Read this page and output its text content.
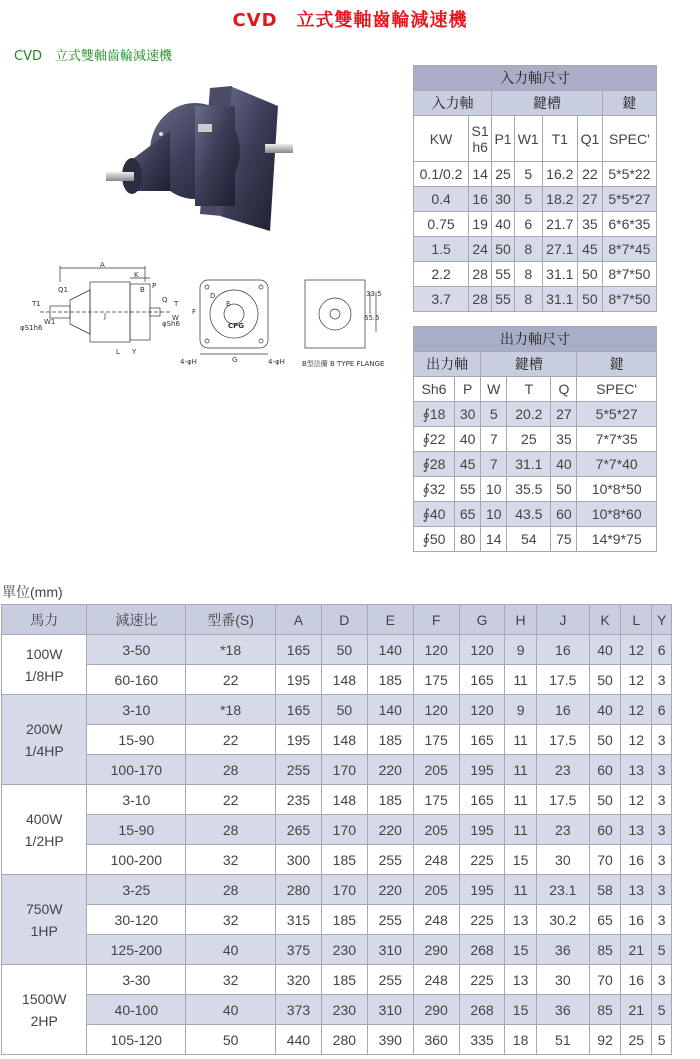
CVD　立式雙軸齒輪減速機
CVD　立式雙軸齒輪減速機
A
K
Q1
T1
W1
φS1h6
B P
Q T
W
φSh6
J
L Y
D
F
E
G
4-φH	4-φH
33.5
65.5
CPG
B型法蘭 B TYPE FLANGE
入力軸尺寸						
入力軸		鍵槽				鍵
KW	S1 h6	P1	W1	T1	Q1	SPEC'
0.1/0.2	14	25	5	16.2	22	5*5*22
0.4	16	30	5	18.2	27	5*5*27
0.75	19	40	6	21.7	35	6*6*35
1.5	24	50	8	27.1	45	8*7*45
2.2	28	55	8	31.1	50	8*7*50
3.7	28	55	8	31.1	50	8*7*50
出力軸尺寸					
出力軸		鍵槽			鍵
Sh6	P	W	T	Q	SPEC'
∮18	30	5	20.2	27	5*5*27
∮22	40	7	25	35	7*7*35
∮28	45	7	31.1	40	7*7*40
∮32	55	10	35.5	50	10*8*50
∮40	65	10	43.5	60	10*8*60
∮50	80	14	54	75	14*9*75
單位(mm)
馬力	減速比	型番(S)	A	D	E	F	G	H	J	K	L	Y

100W
1/8HP	3-50	*18	165	50	140	120	120	9	16	40	12	6
	60-160	22	195	148	185	175	165	11	17.5	50	12	3

200W
1/4HP	3-10	*18	165	50	140	120	120	9	16	40	12	6
	15-90	22	195	148	185	175	165	11	17.5	50	12	3
	100-170	28	255	170	220	205	195	11	23	60	13	3

400W
1/2HP	3-10	22	235	148	185	175	165	11	17.5	50	12	3
	15-90	28	265	170	220	205	195	11	23	60	13	3
	100-200	32	300	185	255	248	225	15	30	70	16	3

750W
1HP	3-25	28	280	170	220	205	195	11	23.1	58	13	3
	30-120	32	315	185	255	248	225	13	30.2	65	16	3
	125-200	40	375	230	310	290	268	15	36	85	21	5

1500W
2HP	3-30	32	320	185	255	248	225	13	30	70	16	3
	40-100	40	373	230	310	290	268	15	36	85	21	5
	105-120	50	440	280	390	360	335	18	51	92	25	5
